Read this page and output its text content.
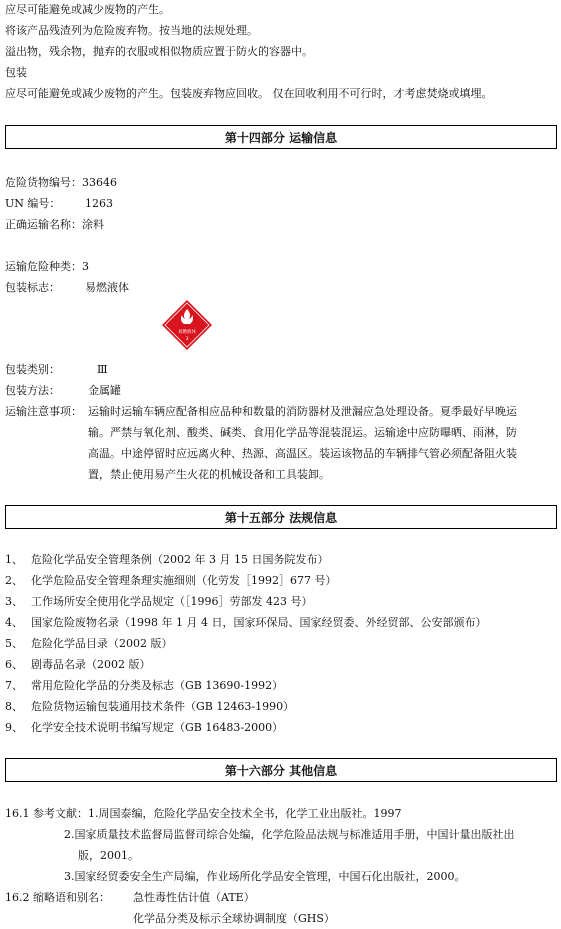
应尽可能避免或减少废物的产生。
将该产品残渣列为危险废弃物。按当地的法规处理。
溢出物，残余物，抛弃的衣服或相似物质应置于防火的容器中。
包装
应尽可能避免或减少废物的产生。包装废弃物应回收。 仅在回收利用不可行时，才考虑焚烧或填埋。
第十四部分 运输信息
危险货物编号：33646
UN 编号： 1263
正确运输名称：涂料
运输危险种类：3
包装标志： 易燃液体
易燃液体
3
包装类别：	Ⅲ
包装方法：	金属罐
运输注意事项： 运输时运输车辆应配备相应品种和数量的消防器材及泄漏应急处理设备。夏季最好早晚运
输。严禁与氧化剂、酸类、碱类、食用化学品等混装混运。运输途中应防曝晒、雨淋，防
高温。中途停留时应远离火种、热源、高温区。装运该物品的车辆排气管必须配备阻火装
置，禁止使用易产生火花的机械设备和工具装卸。
第十五部分 法规信息
1、 危险化学品安全管理条例（2002 年 3 月 15 日国务院发布）
2、 化学危险品安全管理条理实施细则（化劳发［1992］677 号）
3、 工作场所安全使用化学品规定（［1996］劳部发 423 号）
4、 国家危险废物名录（1998 年 1 月 4 日，国家环保局、国家经贸委、外经贸部、公安部颁布）
5、 危险化学品目录（2002 版）
6、 剧毒品名录（2002 版）
7、 常用危险化学品的分类及标志（GB 13690-1992）
8、 危险货物运输包装通用技术条件（GB 12463-1990）
9、 化学安全技术说明书编写规定（GB 16483-2000）
第十六部分 其他信息
16.1 参考文献：1.周国泰编，危险化学品安全技术全书，化学工业出版社。1997
2.国家质量技术监督局监督司综合处编，化学危险品法规与标准适用手册，中国计量出版社出
版，2001。
3.国家经贸委安全生产局编，作业场所化学品安全管理，中国石化出版社，2000。
16.2 缩略语和别名： 急性毒性估计值（ATE）
化学品分类及标示全球协调制度（GHS）
